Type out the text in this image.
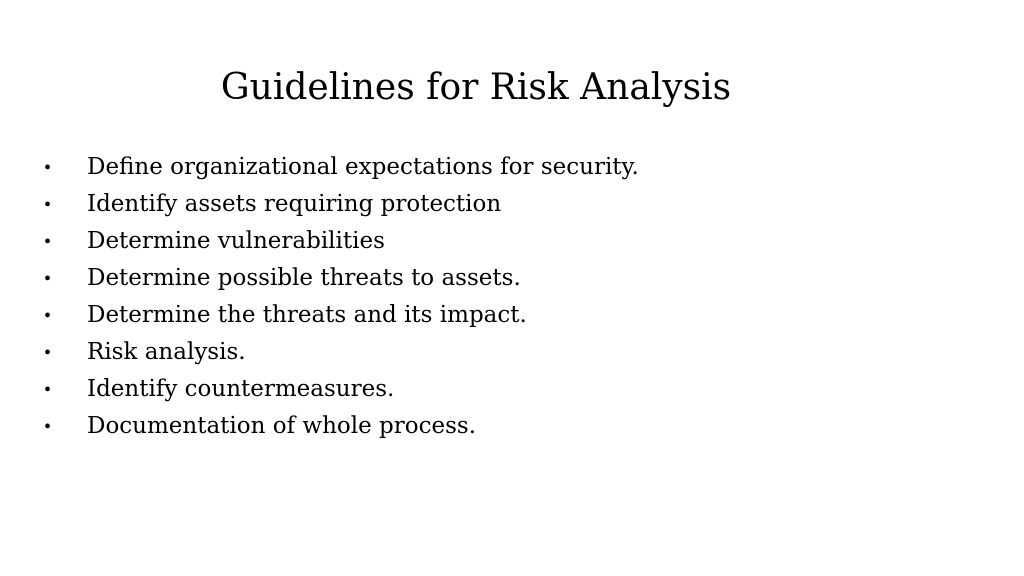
Guidelines for Risk Analysis
•	Define organizational expectations for security.
•	Identify assets requiring protection
•	Determine vulnerabilities
•	Determine possible threats to assets.
•	Determine the threats and its impact.
•	Risk analysis.
•	Identify countermeasures.
•	Documentation of whole process.
